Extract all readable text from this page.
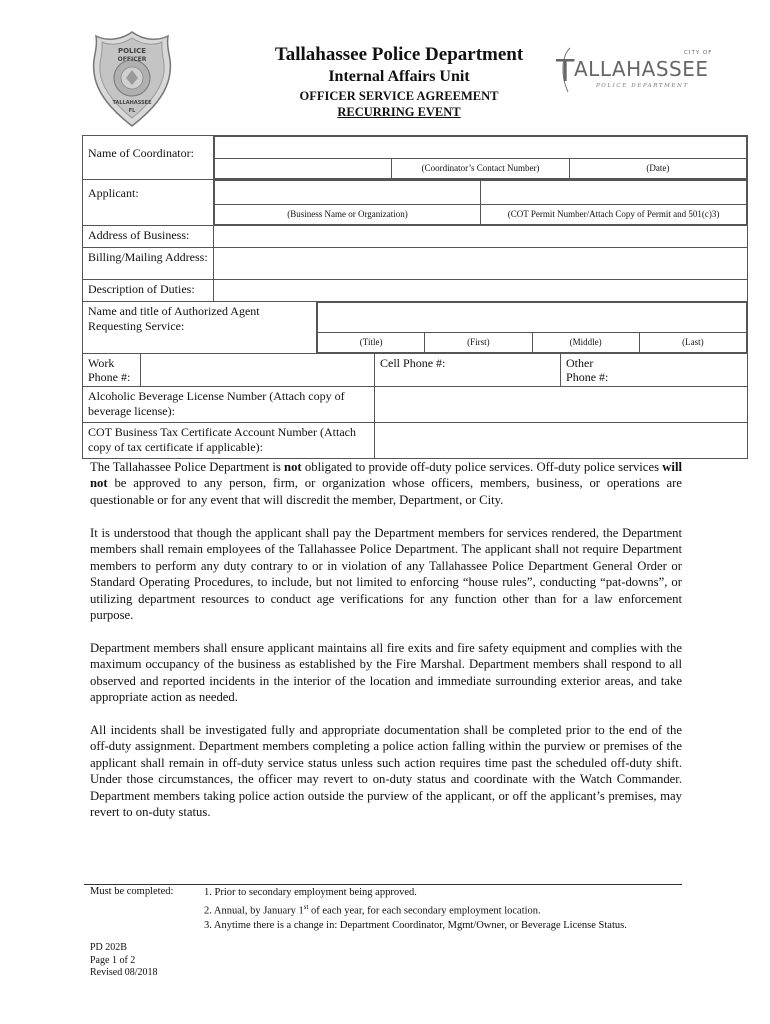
POLICE
OFFICER
TALLAHASSEE
FL
Tallahassee Police Department
Internal Affairs Unit
OFFICER SERVICE AGREEMENT
RECURRING EVENT
CITY OF
T ALLAHASSEE
POLICE DEPARTMENT
Name of Coordinator:	

	(Coordinator’s Contact Number)	(Date)

Applicant:	

(Business Name or Organization)	(COT Permit Number/Attach Copy of Permit and 501(c)3)

Address of Business:	
Billing/Mailing Address:	
Description of Duties:	
Name and title of Authorized Agent Requesting Service:	

(Title)	(First)	(Middle)	(Last)

Work Phone #:		Cell Phone #:		Other Phone #:	
Alcoholic Beverage License Number (Attach copy of beverage license):	
COT Business Tax Certificate Account Number (Attach copy of tax certificate if applicable):	
The Tallahassee Police Department is not obligated to provide off-duty police services. Off-duty police services will not be approved to any person, firm, or organization whose officers, members, business, or operations are questionable or for any event that will discredit the member, Department, or City.
It is understood that though the applicant shall pay the Department members for services rendered, the Department members shall remain employees of the Tallahassee Police Department. The applicant shall not require Department members to perform any duty contrary to or in violation of any Tallahassee Police Department General Order or Standard Operating Procedures, to include, but not limited to enforcing “house rules”, conducting “pat-downs”, or utilizing department resources to conduct age verifications for any function other than for a law enforcement purpose.
Department members shall ensure applicant maintains all fire exits and fire safety equipment and complies with the maximum occupancy of the business as established by the Fire Marshal. Department members shall respond to all observed and reported incidents in the interior of the location and immediate surrounding exterior areas, and take appropriate action as needed.
All incidents shall be investigated fully and appropriate documentation shall be completed prior to the end of the off-duty assignment. Department members completing a police action falling within the purview or premises of the applicant shall remain in off-duty service status unless such action requires time past the scheduled off-duty shift. Under those circumstances, the officer may revert to on-duty status and coordinate with the Watch Commander. Department members taking police action outside the purview of the applicant, or off the applicant’s premises, may revert to on-duty status.
Must be completed:	1. Prior to secondary employment being approved.
2. Annual, by January 1st of each year, for each secondary employment location.
3. Anytime there is a change in: Department Coordinator, Mgmt/Owner, or Beverage License Status.
PD 202B
Page 1 of 2
Revised 08/2018
